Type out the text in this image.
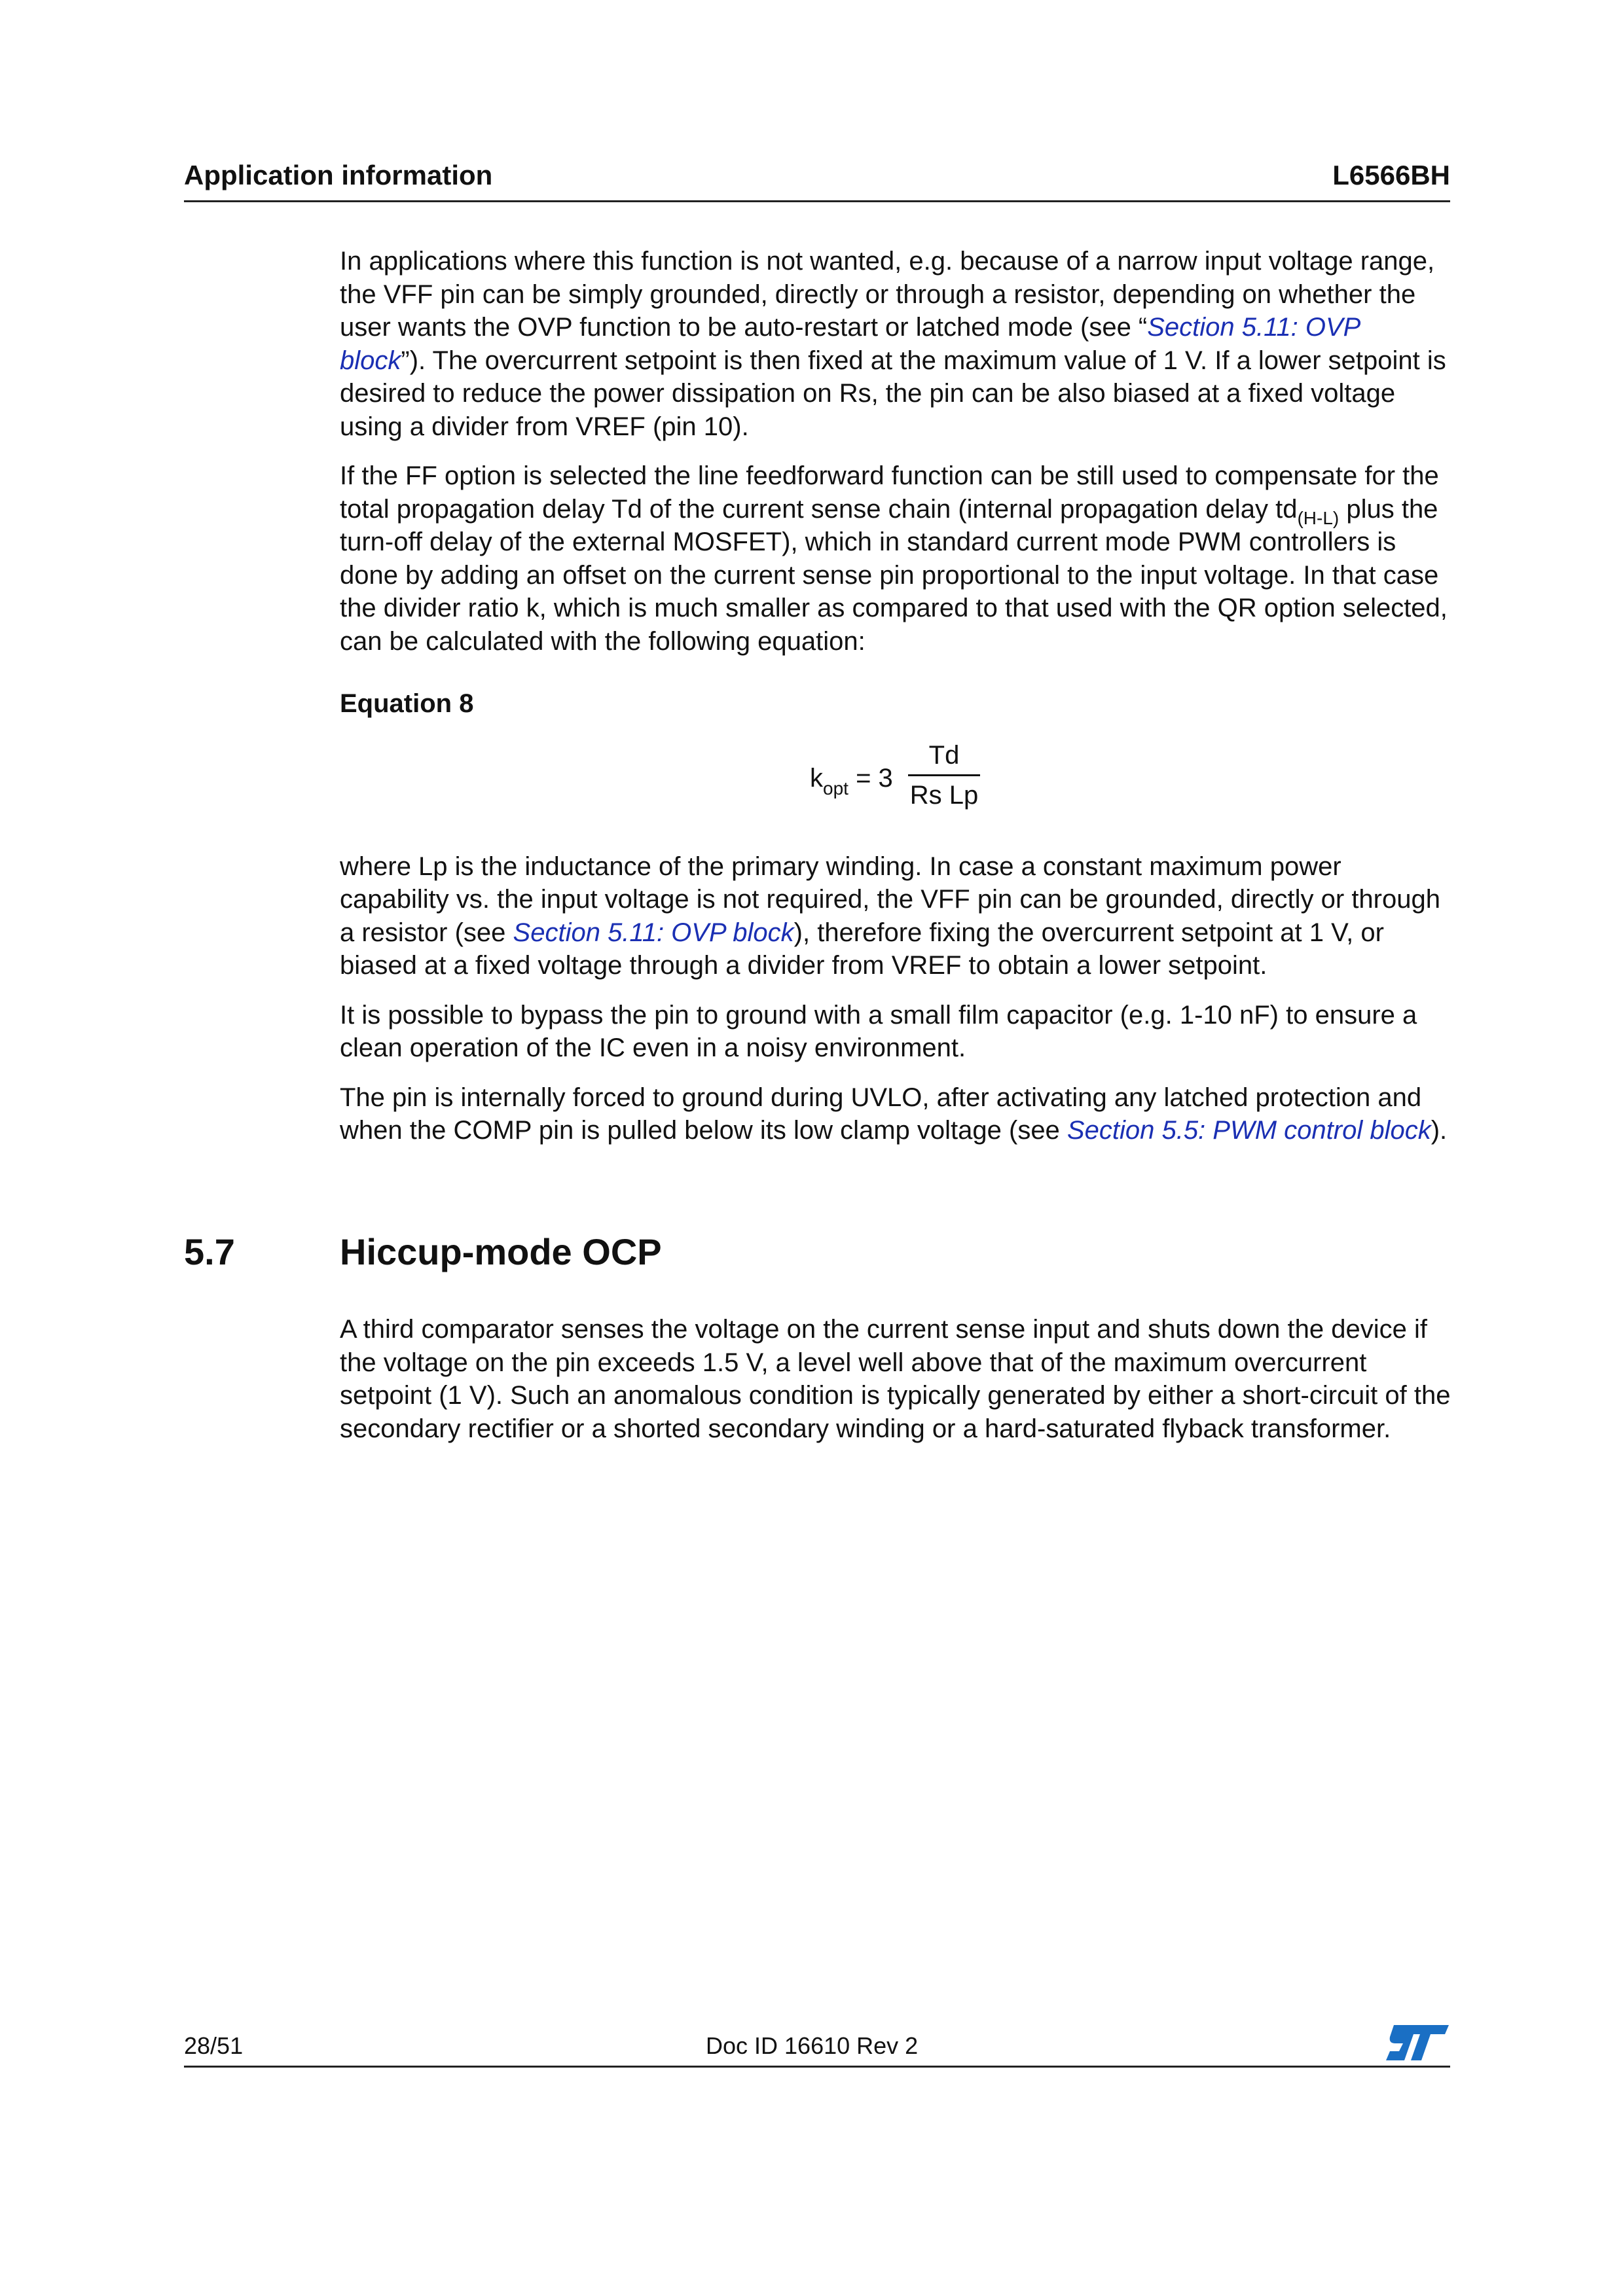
Application information	L6566BH

In applications where this function is not wanted, e.g. because of a narrow input voltage range, the VFF pin can be simply grounded, directly or through a resistor, depending on whether the user wants the OVP function to be auto-restart or latched mode (see “Section 5.11: OVP block”). The overcurrent setpoint is then fixed at the maximum value of 1 V. If a lower setpoint is desired to reduce the power dissipation on Rs, the pin can be also biased at a fixed voltage using a divider from VREF (pin 10).

If the FF option is selected the line feedforward function can be still used to compensate for the total propagation delay Td of the current sense chain (internal propagation delay $td_{(H-L)}$ plus the turn-off delay of the external MOSFET), which in standard current mode PWM controllers is done by adding an offset on the current sense pin proportional to the input voltage. In that case the divider ratio k, which is much smaller as compared to that used with the QR option selected, can be calculated with the following equation:

Equation 8
$k_{opt} = 3$
Td
Rs Lp

where Lp is the inductance of the primary winding. In case a constant maximum power capability vs. the input voltage is not required, the VFF pin can be grounded, directly or through a resistor (see Section 5.11: OVP block), therefore fixing the overcurrent setpoint at 1 V, or biased at a fixed voltage through a divider from VREF to obtain a lower setpoint.

It is possible to bypass the pin to ground with a small film capacitor (e.g. 1-10 nF) to ensure a clean operation of the IC even in a noisy environment.

The pin is internally forced to ground during UVLO, after activating any latched protection and when the COMP pin is pulled below its low clamp voltage (see Section 5.5: PWM control block).

5.7	Hiccup-mode OCP

A third comparator senses the voltage on the current sense input and shuts down the device if the voltage on the pin exceeds 1.5 V, a level well above that of the maximum overcurrent setpoint (1 V). Such an anomalous condition is typically generated by either a short-circuit of the secondary rectifier or a shorted secondary winding or a hard-saturated flyback transformer.

28/51	Doc ID 16610 Rev 2
